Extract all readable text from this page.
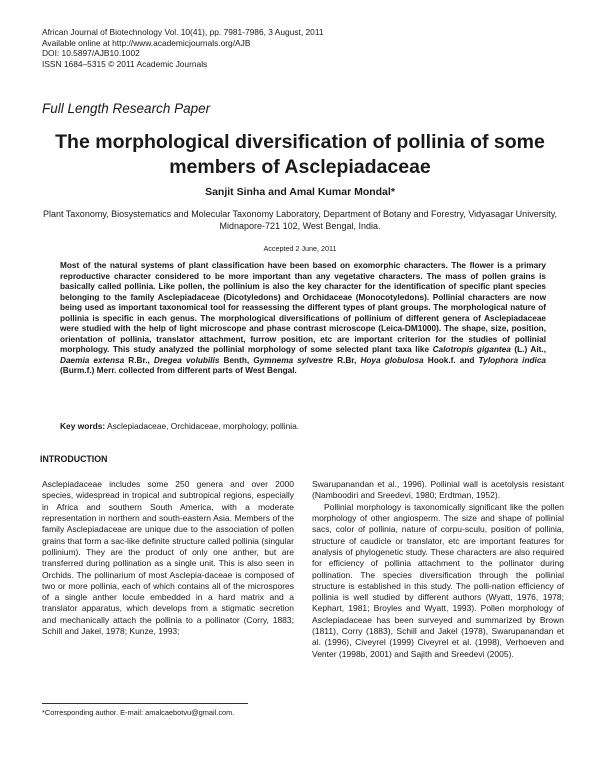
African Journal of Biotechnology Vol. 10(41), pp. 7981-7986, 3 August, 2011
Available online at http://www.academicjournals.org/AJB
DOI: 10.5897/AJB10.1002
ISSN 1684–5315 © 2011 Academic Journals
Full Length Research Paper
The morphological diversification of pollinia of some members of Asclepiadaceae
Sanjit Sinha and Amal Kumar Mondal*
Plant Taxonomy, Biosystematics and Molecular Taxonomy Laboratory, Department of Botany and Forestry, Vidyasagar University, Midnapore-721 102, West Bengal, India.
Accepted 2 June, 2011
Most of the natural systems of plant classification have been based on exomorphic characters. The flower is a primary reproductive character considered to be more important than any vegetative characters. The mass of pollen grains is basically called pollinia. Like pollen, the pollinium is also the key character for the identification of specific plant species belonging to the family Asclepiadaceae (Dicotyledons) and Orchidaceae (Monocotyledons). Pollinial characters are now being used as important taxonomical tool for reassessing the different types of plant groups. The morphological nature of pollinia is specific in each genus. The morphological diversifications of pollinium of different genera of Asclepiadaceae were studied with the help of light microscope and phase contrast microscope (Leica-DM1000). The shape, size, position, orientation of pollinia, translator attachment, furrow position, etc are important criterion for the studies of pollinial morphology. This study analyzed the pollinial morphology of some selected plant taxa like Calotropis gigantea (L.) Ait., Daemia extensa R.Br., Dregea volubilis Benth, Gymnema sylvestre R.Br, Hoya globulosa Hook.f. and Tylophora indica (Burm.f.) Merr. collected from different parts of West Bengal.
Key words: Asclepiadaceae, Orchidaceae, morphology, pollinia.
INTRODUCTION

Asclepiadaceae includes some 250 genera and over 2000 species, widespread in tropical and subtropical regions, especially in Africa and southern South America, with a moderate representation in northern and south-eastern Asia. Members of the family Asclepiadaceae are unique due to the association of pollen grains that form a sac-like definite structure called pollinia (singular pollinium). They are the product of only one anther, but are transferred during pollination as a single unit. This is also seen in Orchids. The pollinarium of most Asclepia-daceae is composed of two or more pollinia, each of which contains all of the microspores of a single anther locule embedded in a hard matrix and a translator apparatus, which develops from a stigmatic secretion and mechanically attach the pollinia to a pollinator (Corry, 1883; Schill and Jakel, 1978; Kunze, 1993;

Swarupanandan et al., 1996). Pollinial wall is acetolysis resistant (Namboodiri and Sreedevi, 1980; Erdtman, 1952).

Pollinial morphology is taxonomically significant like the pollen morphology of other angiosperm. The size and shape of pollinial sacs, color of pollinia, nature of corpu-sculu, position of pollinia, structure of caudicle or translator, etc are important features for analysis of phylogenetic study. These characters are also required for efficiency of pollinia attachment to the pollinator during pollination. The species diversification through the pollinial structure is established in this study. The polli-nation efficiency of pollinia is well studied by different authors (Wyatt, 1976, 1978; Kephart, 1981; Broyles and Wyatt, 1993). Pollen morphology of Asclepiadaceae has been surveyed and summarized by Brown (1811), Corry (1883), Schill and Jakel (1978), Swarupanandan et al. (1996), Civeyrel (1999) Civeyrel et al. (1998), Verhoeven and Venter (1998b, 2001) and Sajith and Sreedevi (2005).

*Corresponding author. E-mail: amalcaebotvu@gmail.com.
